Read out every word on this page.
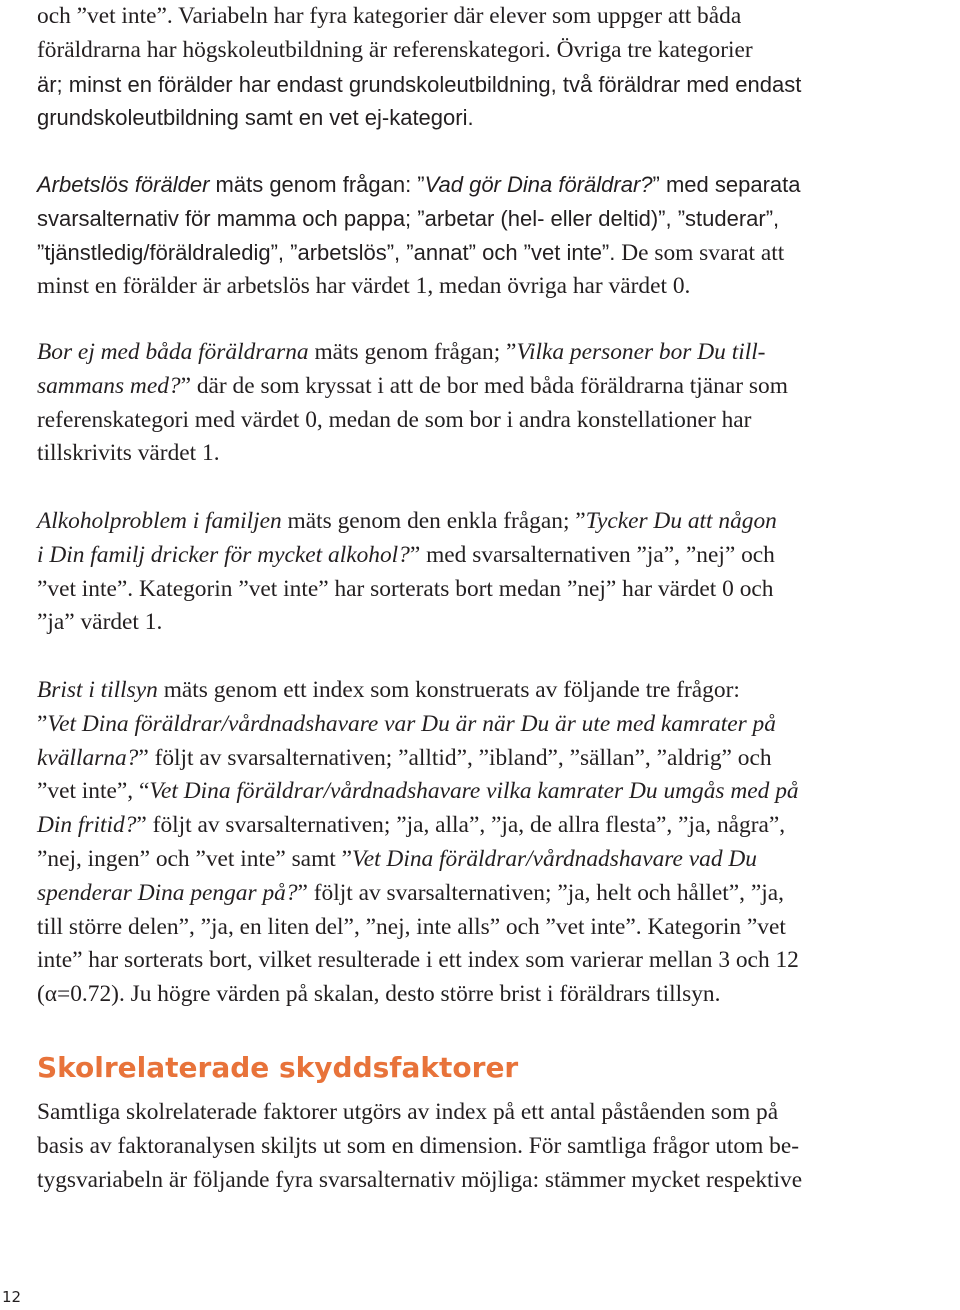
och ”vet inte”. Variabeln har fyra kategorier där elever som uppger att båda
föräldrarna har högskoleutbildning är referenskategori. Övriga tre kategorier
är; minst en förälder har endast grundskoleutbildning, två föräldrar med endast
grundskoleutbildning samt en vet ej-kategori.

Arbetslös förälder mäts genom frågan: ”Vad gör Dina föräldrar?” med separata
svarsalternativ för mamma och pappa; ”arbetar (hel- eller deltid)”, ”studerar”,
”tjänstledig/föräldraledig”, ”arbetslös”, ”annat” och ”vet inte”. De som svarat att
minst en förälder är arbetslös har värdet 1, medan övriga har värdet 0.

Bor ej med båda föräldrarna mäts genom frågan; ”Vilka personer bor Du till-
sammans med?” där de som kryssat i att de bor med båda föräldrarna tjänar som
referenskategori med värdet 0, medan de som bor i andra konstellationer har
tillskrivits värdet 1.

Alkoholproblem i familjen mäts genom den enkla frågan; ”Tycker Du att någon
i Din familj dricker för mycket alkohol?” med svarsalternativen ”ja”, ”nej” och
”vet inte”. Kategorin ”vet inte” har sorterats bort medan ”nej” har värdet 0 och
”ja” värdet 1.

Brist i tillsyn mäts genom ett index som konstruerats av följande tre frågor:
”Vet Dina föräldrar/vårdnadshavare var Du är när Du är ute med kamrater på
kvällarna?” följt av svarsalternativen; ”alltid”, ”ibland”, ”sällan”, ”aldrig” och
”vet inte”, “Vet Dina föräldrar/vårdnadshavare vilka kamrater Du umgås med på
Din fritid?” följt av svarsalternativen; ”ja, alla”, ”ja, de allra flesta”, ”ja, några”,
”nej, ingen” och ”vet inte” samt ”Vet Dina föräldrar/vårdnadshavare vad Du
spenderar Dina pengar på?” följt av svarsalternativen; ”ja, helt och hållet”, ”ja,
till större delen”, ”ja, en liten del”, ”nej, inte alls” och ”vet inte”. Kategorin ”vet
inte” har sorterats bort, vilket resulterade i ett index som varierar mellan 3 och 12
(α=0.72). Ju högre värden på skalan, desto större brist i föräldrars tillsyn.

Skolrelaterade skyddsfaktorer

Samtliga skolrelaterade faktorer utgörs av index på ett antal påståenden som på
basis av faktoranalysen skiljts ut som en dimension. För samtliga frågor utom be-
tygsvariabeln är följande fyra svarsalternativ möjliga: stämmer mycket respektive

12
